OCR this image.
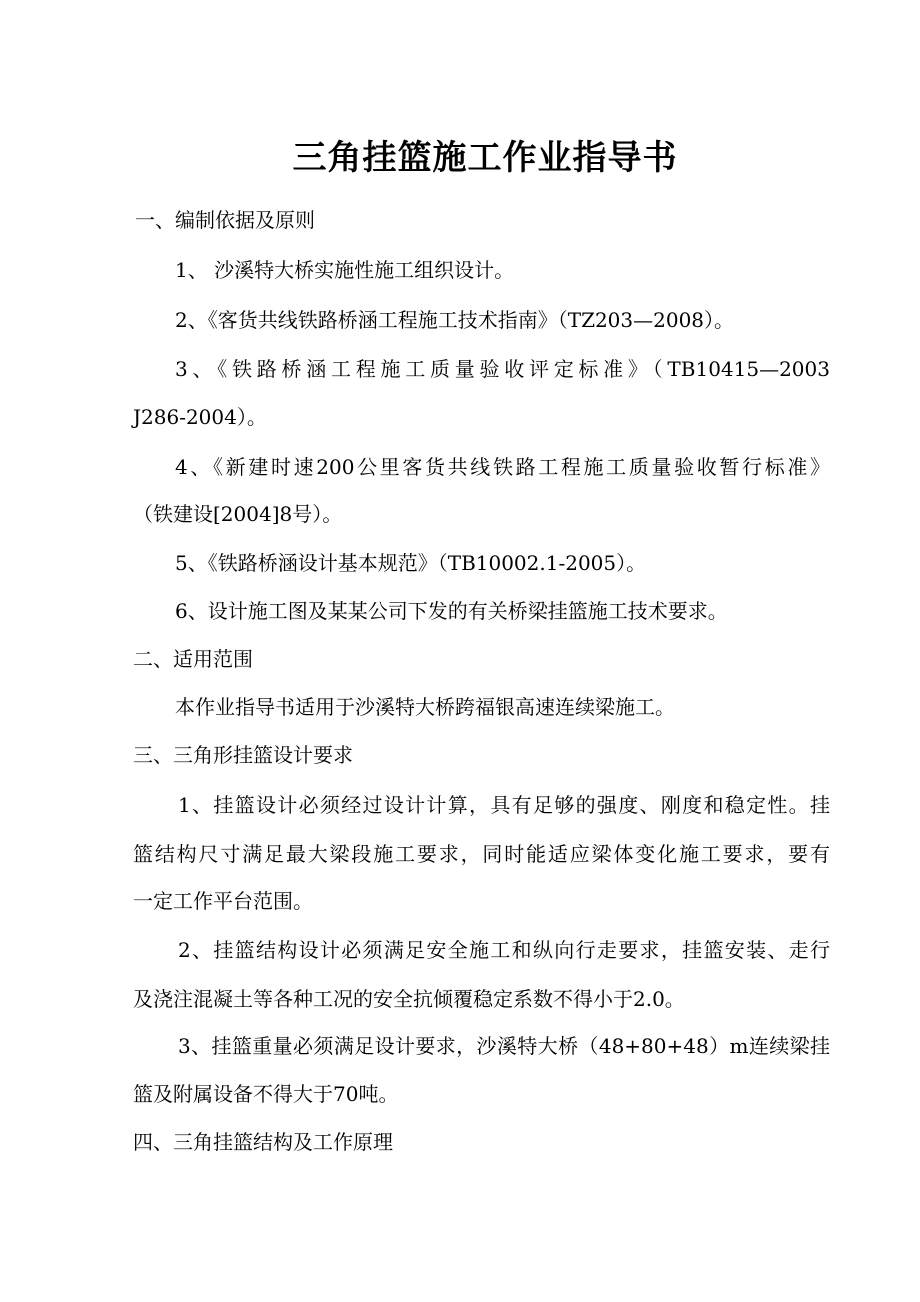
三角挂篮施工作业指导书
一、编制依据及原则
1、 沙溪特大桥实施性施工组织设计。
2、《客货共线铁路桥涵工程施工技术指南》（TZ203—2008）。
3、《铁路桥涵工程施工质量验收评定标准》（TB10415—2003
J286-2004）。
4、《新建时速200公里客货共线铁路工程施工质量验收暂行标准》
（铁建设[2004]8号）。
5、《铁路桥涵设计基本规范》（TB10002.1-2005）。
6、设计施工图及某某公司下发的有关桥梁挂篮施工技术要求。
二、适用范围
本作业指导书适用于沙溪特大桥跨福银高速连续梁施工。
三、三角形挂篮设计要求
1、挂篮设计必须经过设计计算，具有足够的强度、刚度和稳定性。挂
篮结构尺寸满足最大梁段施工要求，同时能适应梁体变化施工要求，要有
一定工作平台范围。
2、挂篮结构设计必须满足安全施工和纵向行走要求，挂篮安装、走行
及浇注混凝土等各种工况的安全抗倾覆稳定系数不得小于2.0。
3、挂篮重量必须满足设计要求，沙溪特大桥（48+80+48）m连续梁挂
篮及附属设备不得大于70吨。
四、三角挂篮结构及工作原理
